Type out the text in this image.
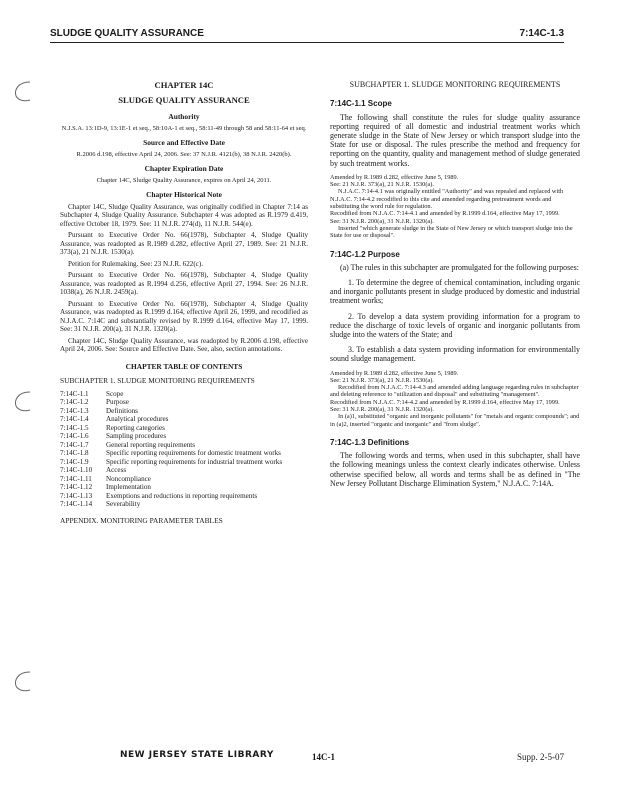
SLUDGE QUALITY ASSURANCE	7:14C-1.3
CHAPTER 14C
SLUDGE QUALITY ASSURANCE
Authority
N.J.S.A. 13:1D-9, 13:1E-1 et seq., 58:10A-1 et seq., 58:11-49 through 58 and 58:11-64 et seq.
Source and Effective Date
R.2006 d.198, effective April 24, 2006. See: 37 N.J.R. 4121(b), 38 N.J.R. 2420(b).
Chapter Expiration Date
Chapter 14C, Sludge Quality Assurance, expires on April 24, 2011.
Chapter Historical Note

Chapter 14C, Sludge Quality Assurance, was originally codified in Chapter 7:14 as Subchapter 4, Sludge Quality Assurance. Subchapter 4 was adopted as R.1979 d.419, effective October 18, 1979. See: 11 N.J.R. 274(d), 11 N.J.R. 544(e).

Pursuant to Executive Order No. 66(1978), Subchapter 4, Sludge Quality Assurance, was readopted as R.1989 d.282, effective April 27, 1989. See: 21 N.J.R. 373(a), 21 N.J.R. 1530(a).

Petition for Rulemaking. See: 23 N.J.R. 622(c).

Pursuant to Executive Order No. 66(1978), Subchapter 4, Sludge Quality Assurance, was readopted as R.1994 d.256, effective April 27, 1994. See: 26 N.J.R. 1038(a), 26 N.J.R. 2459(a).

Pursuant to Executive Order No. 66(1978), Subchapter 4, Sludge Quality Assurance, was readopted as R.1999 d.164, effective April 26, 1999, and recodified as N.J.A.C. 7:14C and substantially revised by R.1999 d.164, effective May 17, 1999. See: 31 N.J.R. 200(a), 31 N.J.R. 1320(a).

Chapter 14C, Sludge Quality Assurance, was readopted by R.2006 d.198, effective April 24, 2006. See: Source and Effective Date. See, also, section annotations.

CHAPTER TABLE OF CONTENTS
SUBCHAPTER 1. SLUDGE MONITORING REQUIREMENTS
7:14C-1.1	Scope
7:14C-1.2	Purpose
7:14C-1.3	Definitions
7:14C-1.4	Analytical procedures
7:14C-1.5	Reporting categories
7:14C-1.6	Sampling procedures
7:14C-1.7	General reporting requirements
7:14C-1.8	Specific reporting requirements for domestic treatment works
7:14C-1.9	Specific reporting requirements for industrial treatment works
7:14C-1.10	Access
7:14C-1.11	Noncompliance
7:14C-1.12	Implementation
7:14C-1.13	Exemptions and reductions in reporting requirements
7:14C-1.14	Severability
APPENDIX. MONITORING PARAMETER TABLES
SUBCHAPTER 1. SLUDGE MONITORING REQUIREMENTS
7:14C-1.1 Scope

The following shall constitute the rules for sludge quality assurance reporting required of all domestic and industrial treatment works which generate sludge in the State of New Jersey or which transport sludge into the State for use or disposal. The rules prescribe the method and frequency for reporting on the quantity, quality and management method of sludge generated by such treatment works.

Amended by R.1989 d.282, effective June 5, 1989.
See: 21 N.J.R. 373(a), 21 N.J.R. 1530(a).
N.J.A.C. 7:14-4.1 was originally entitled "Authority" and was repealed and replaced with N.J.A.C. 7:14-4.2 recodified to this cite and amended regarding pretreatment words and substituting the word rule for regulation.
Recodified from N.J.A.C. 7:14-4.1 and amended by R.1999 d.164, effective May 17, 1999.
See: 31 N.J.R. 200(a), 31 N.J.R. 1320(a).
Inserted "which generate sludge in the State of New Jersey or which transport sludge into the State for use or disposal".
7:14C-1.2 Purpose

(a) The rules in this subchapter are promulgated for the following purposes:

1. To determine the degree of chemical contamination, including organic and inorganic pollutants present in sludge produced by domestic and industrial treatment works;

2. To develop a data system providing information for a program to reduce the discharge of toxic levels of organic and inorganic pollutants from sludge into the waters of the State; and

3. To establish a data system providing information for environmentally sound sludge management.

Amended by R.1989 d.282, effective June 5, 1989.
See: 21 N.J.R. 373(a), 21 N.J.R. 1530(a).
Recodified from N.J.A.C. 7:14-4.3 and amended adding language regarding rules in subchapter and deleting reference to "utilization and disposal" and substituting "management".
Recodified from N.J.A.C. 7:14-4.2 and amended by R.1999 d.164, effective May 17, 1999.
See: 31 N.J.R. 200(a), 31 N.J.R. 1320(a).
In (a)1, substituted "organic and inorganic pollutants" for "metals and organic compounds"; and in (a)2, inserted "organic and inorganic" and "from sludge".
7:14C-1.3 Definitions

The following words and terms, when used in this subchapter, shall have the following meanings unless the context clearly indicates otherwise. Unless otherwise specified below, all words and terms shall be as defined in "The New Jersey Pollutant Discharge Elimination System," N.J.A.C. 7:14A.

NEW JERSEY STATE LIBRARY	14C-1	Supp. 2-5-07
